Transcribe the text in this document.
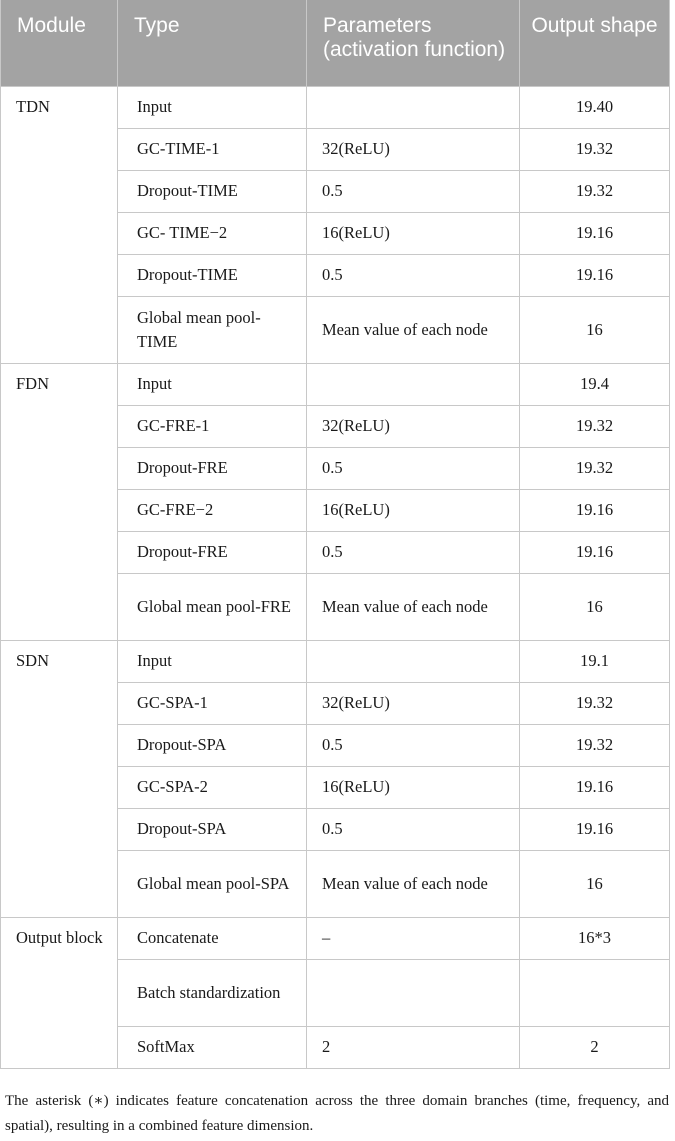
Module	Type	Parameters (activation function)	Output shape
TDN	Input		19.40
	GC-TIME-1	32(ReLU)	19.32
	Dropout-TIME	0.5	19.32
	GC- TIME−2	16(ReLU)	19.16
	Dropout-TIME	0.5	19.16
	Global mean pool-TIME	Mean value of each node	16
FDN	Input		19.4
	GC-FRE-1	32(ReLU)	19.32
	Dropout-FRE	0.5	19.32
	GC-FRE−2	16(ReLU)	19.16
	Dropout-FRE	0.5	19.16
	Global mean pool-FRE	Mean value of each node	16
SDN	Input		19.1
	GC-SPA-1	32(ReLU)	19.32
	Dropout-SPA	0.5	19.32
	GC-SPA-2	16(ReLU)	19.16
	Dropout-SPA	0.5	19.16
	Global mean pool-SPA	Mean value of each node	16
Output block	Concatenate	–	16*3
	Batch standardization		
	SoftMax	2	2
The asterisk (∗) indicates feature concatenation across the three domain branches (time, frequency, and spatial), resulting in a combined feature dimension.
